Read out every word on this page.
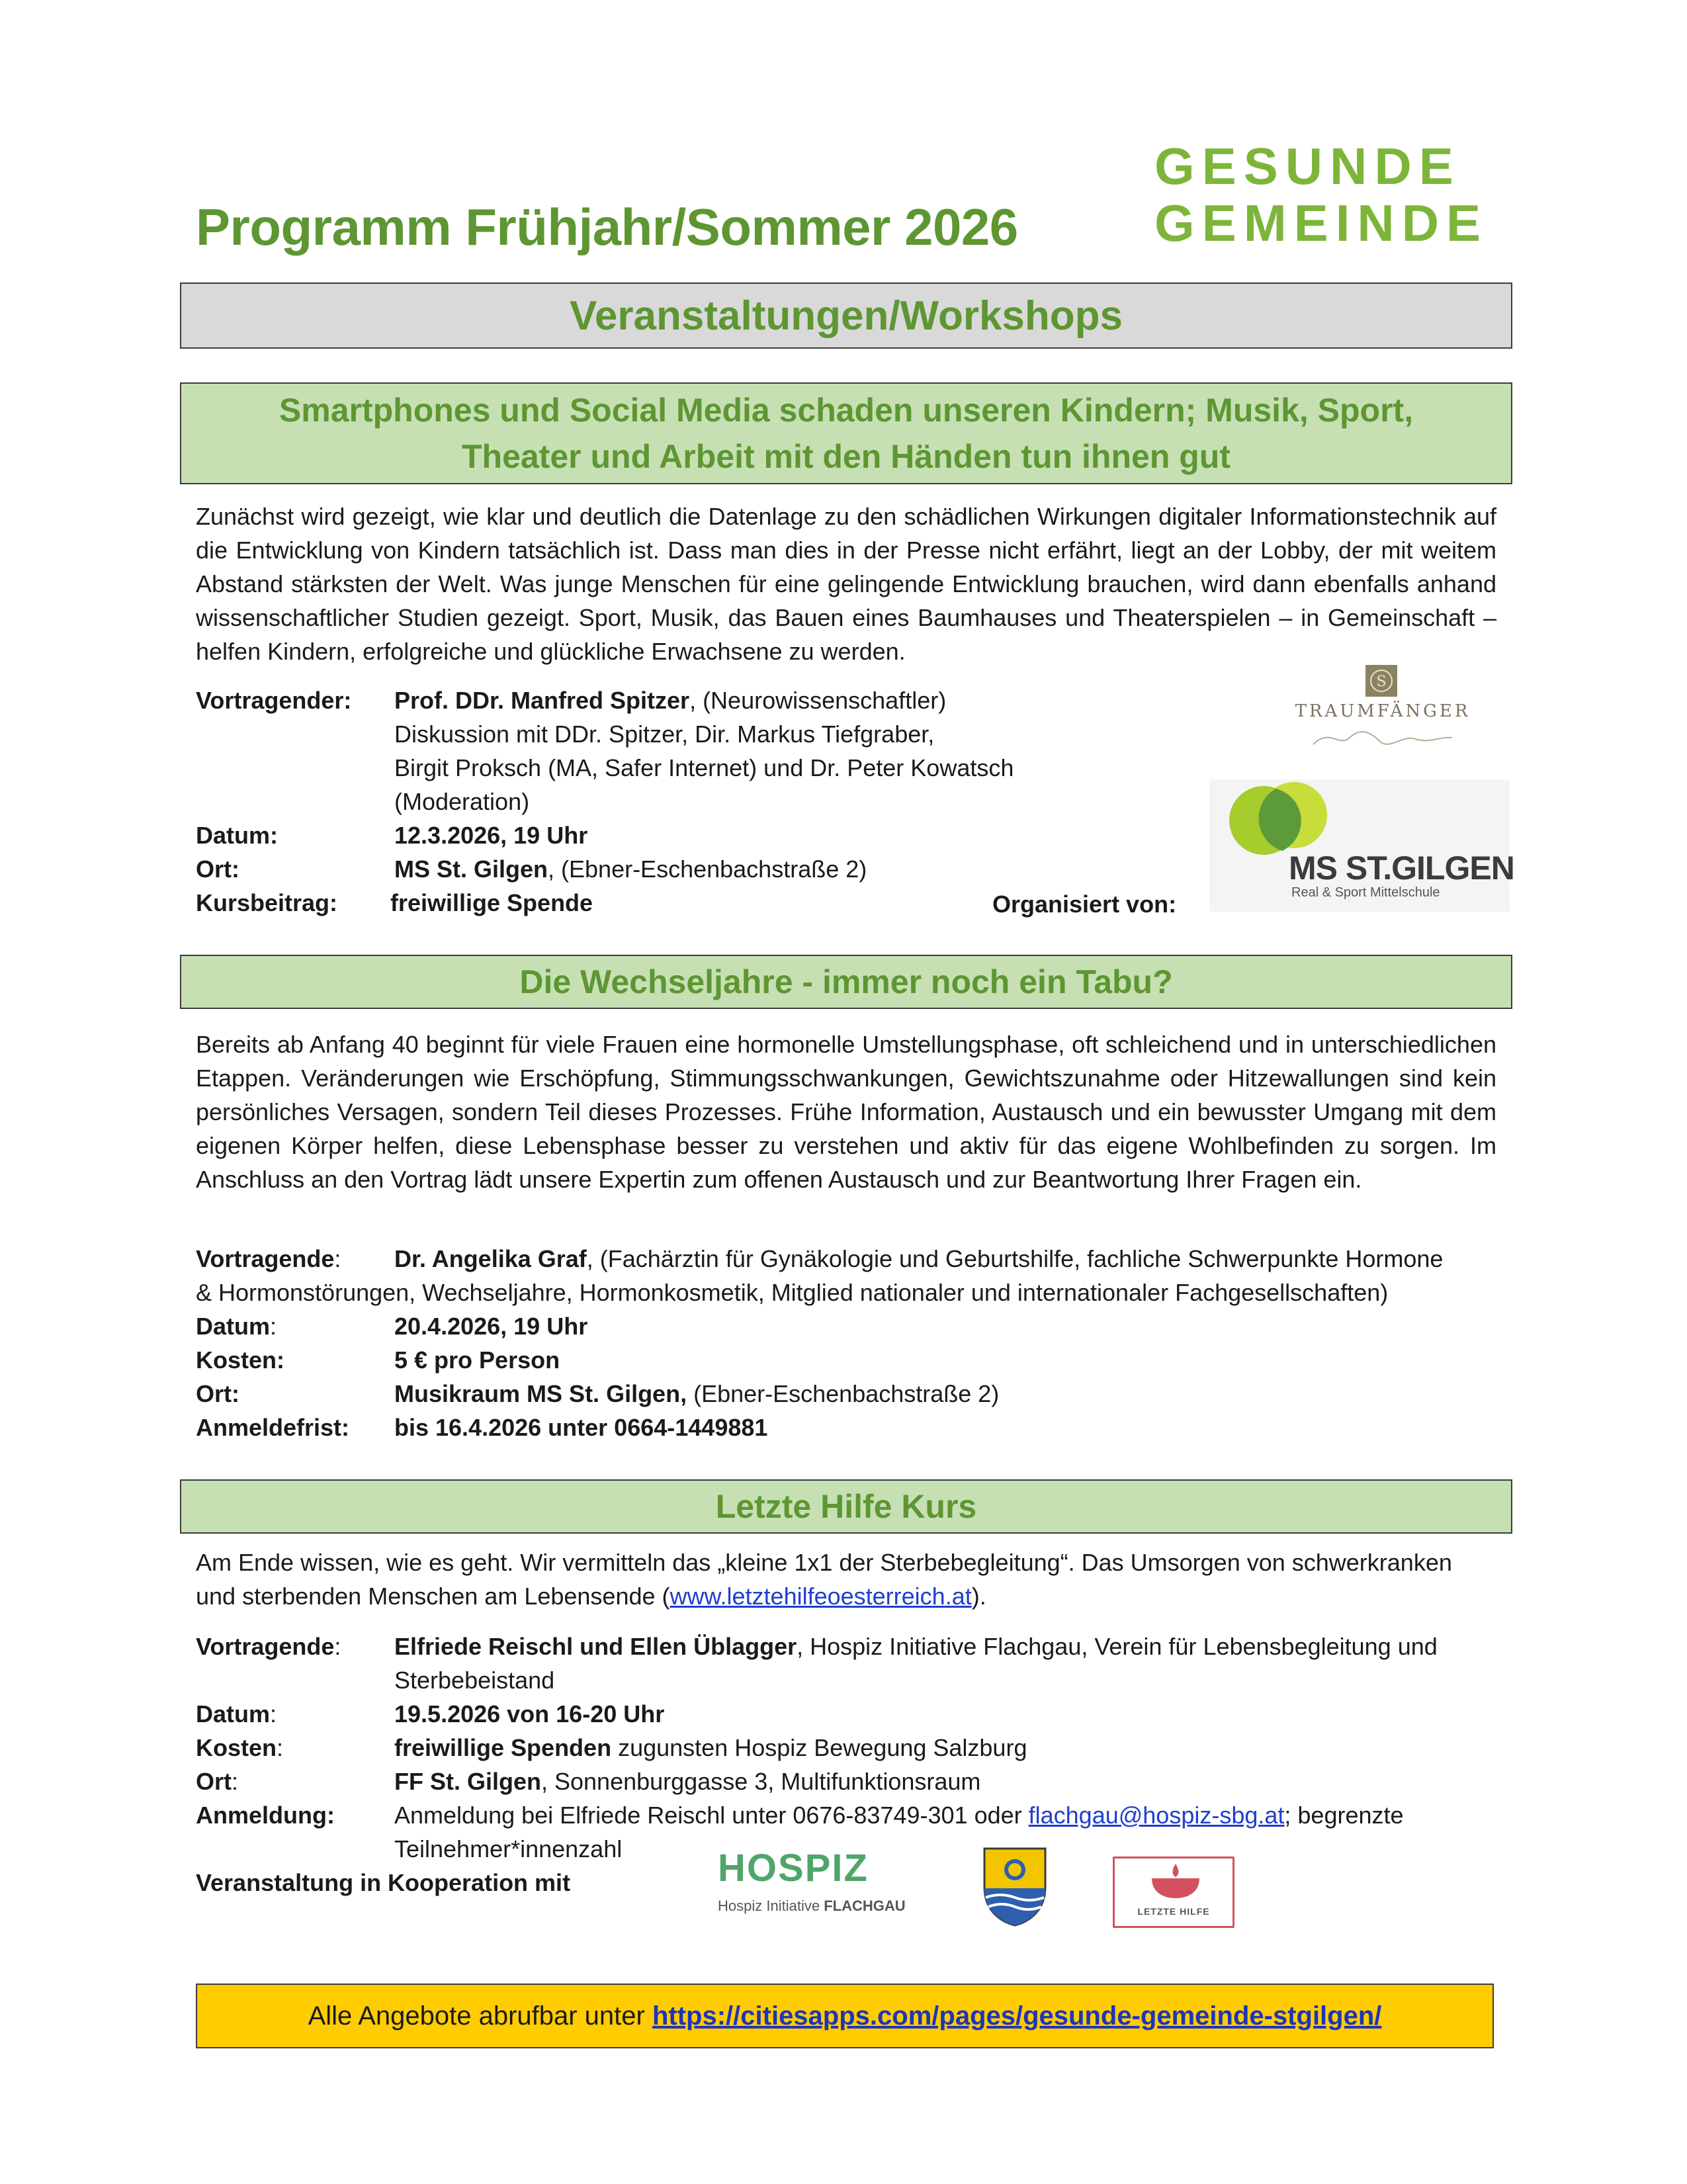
Programm Frühjahr/Sommer 2026
GESUNDE
GEMEINDE
Veranstaltungen/Workshops
Smartphones und Social Media schaden unseren Kindern; Musik, Sport,
Theater und Arbeit mit den Händen tun ihnen gut
Zunächst wird gezeigt, wie klar und deutlich die Datenlage zu den schädlichen Wirkungen digitaler Informationstechnik auf die Entwicklung von Kindern tatsächlich ist. Dass man dies in der Presse nicht erfährt, liegt an der Lobby, der mit weitem Abstand stärksten der Welt. Was junge Menschen für eine gelingende Entwicklung brauchen, wird dann ebenfalls anhand wissenschaftlicher Studien gezeigt. Sport, Musik, das Bauen eines Baumhauses und Theaterspielen – in Gemeinschaft – helfen Kindern, erfolgreiche und glückliche Erwachsene zu werden.
Vortragender: Prof. DDr. Manfred Spitzer, (Neurowissenschaftler)
Diskussion mit DDr. Spitzer, Dir. Markus Tiefgraber,
Birgit Proksch (MA, Safer Internet) und Dr. Peter Kowatsch
(Moderation)
Datum:	12.3.2026, 19 Uhr
Ort:	MS St. Gilgen, (Ebner-Eschenbachstraße 2)
Kursbeitrag: freiwillige Spende	Organisiert von:
S
TRAUMFÄNGER
MS ST.GILGEN
Real & Sport Mittelschule
Die Wechseljahre - immer noch ein Tabu?
Bereits ab Anfang 40 beginnt für viele Frauen eine hormonelle Umstellungsphase, oft schleichend und in unterschiedlichen Etappen. Veränderungen wie Erschöpfung, Stimmungsschwankungen, Gewichtszunahme oder Hitzewallungen sind kein persönliches Versagen, sondern Teil dieses Prozesses. Frühe Information, Austausch und ein bewusster Umgang mit dem eigenen Körper helfen, diese Lebensphase besser zu verstehen und aktiv für das eigene Wohlbefinden zu sorgen. Im Anschluss an den Vortrag lädt unsere Expertin zum offenen Austausch und zur Beantwortung Ihrer Fragen ein.
Vortragende: Dr. Angelika Graf, (Fachärztin für Gynäkologie und Geburtshilfe, fachliche Schwerpunkte Hormone
& Hormonstörungen, Wechseljahre, Hormonkosmetik, Mitglied nationaler und internationaler Fachgesellschaften)
Datum:	20.4.2026, 19 Uhr
Kosten:	5 € pro Person
Ort:	Musikraum MS St. Gilgen, (Ebner-Eschenbachstraße 2)
Anmeldefrist: bis 16.4.2026 unter 0664-1449881
Letzte Hilfe Kurs
Am Ende wissen, wie es geht. Wir vermitteln das „kleine 1x1 der Sterbebegleitung“. Das Umsorgen von schwerkranken
und sterbenden Menschen am Lebensende (www.letztehilfeoesterreich.at).
Vortragende: Elfriede Reischl und Ellen Üblagger, Hospiz Initiative Flachgau, Verein für Lebensbegleitung und
Sterbebeistand
Datum:	19.5.2026 von 16-20 Uhr
Kosten:	freiwillige Spenden zugunsten Hospiz Bewegung Salzburg
Ort:	FF St. Gilgen, Sonnenburggasse 3, Multifunktionsraum
Anmeldung:	Anmeldung bei Elfriede Reischl unter 0676-83749-301 oder flachgau@hospiz-sbg.at; begrenzte
Teilnehmer*innenzahl
Veranstaltung in Kooperation mit	HOSPIZ
Hospiz Initiative FLACHGAU	LETZTE HILFE
Alle Angebote abrufbar unter https://citiesapps.com/pages/gesunde-gemeinde-stgilgen/
